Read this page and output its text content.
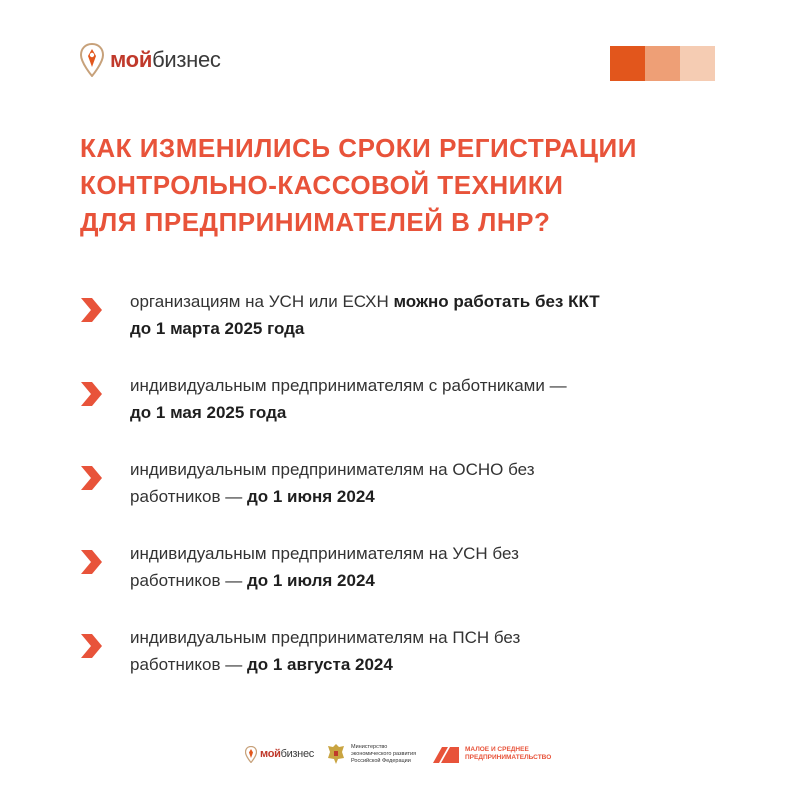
мойбизнес
КАК ИЗМЕНИЛИСЬ СРОКИ РЕГИСТРАЦИИ
КОНТРОЛЬНО-КАССОВОЙ ТЕХНИКИ
ДЛЯ ПРЕДПРИНИМАТЕЛЕЙ В ЛНР?
организациям на УСН или ЕСХН можно работать без ККТ
до 1 марта 2025 года
индивидуальным предпринимателям с работниками —
до 1 мая 2025 года
индивидуальным предпринимателям на ОСНО без
работников — до 1 июня 2024
индивидуальным предпринимателям на УСН без
работников — до 1 июля 2024
индивидуальным предпринимателям на ПСН без
работников — до 1 августа 2024
мойбизнес
Министерство
экономического развития
Российской Федерации
МАЛОЕ И СРЕДНЕЕ
ПРЕДПРИНИМАТЕЛЬСТВО
